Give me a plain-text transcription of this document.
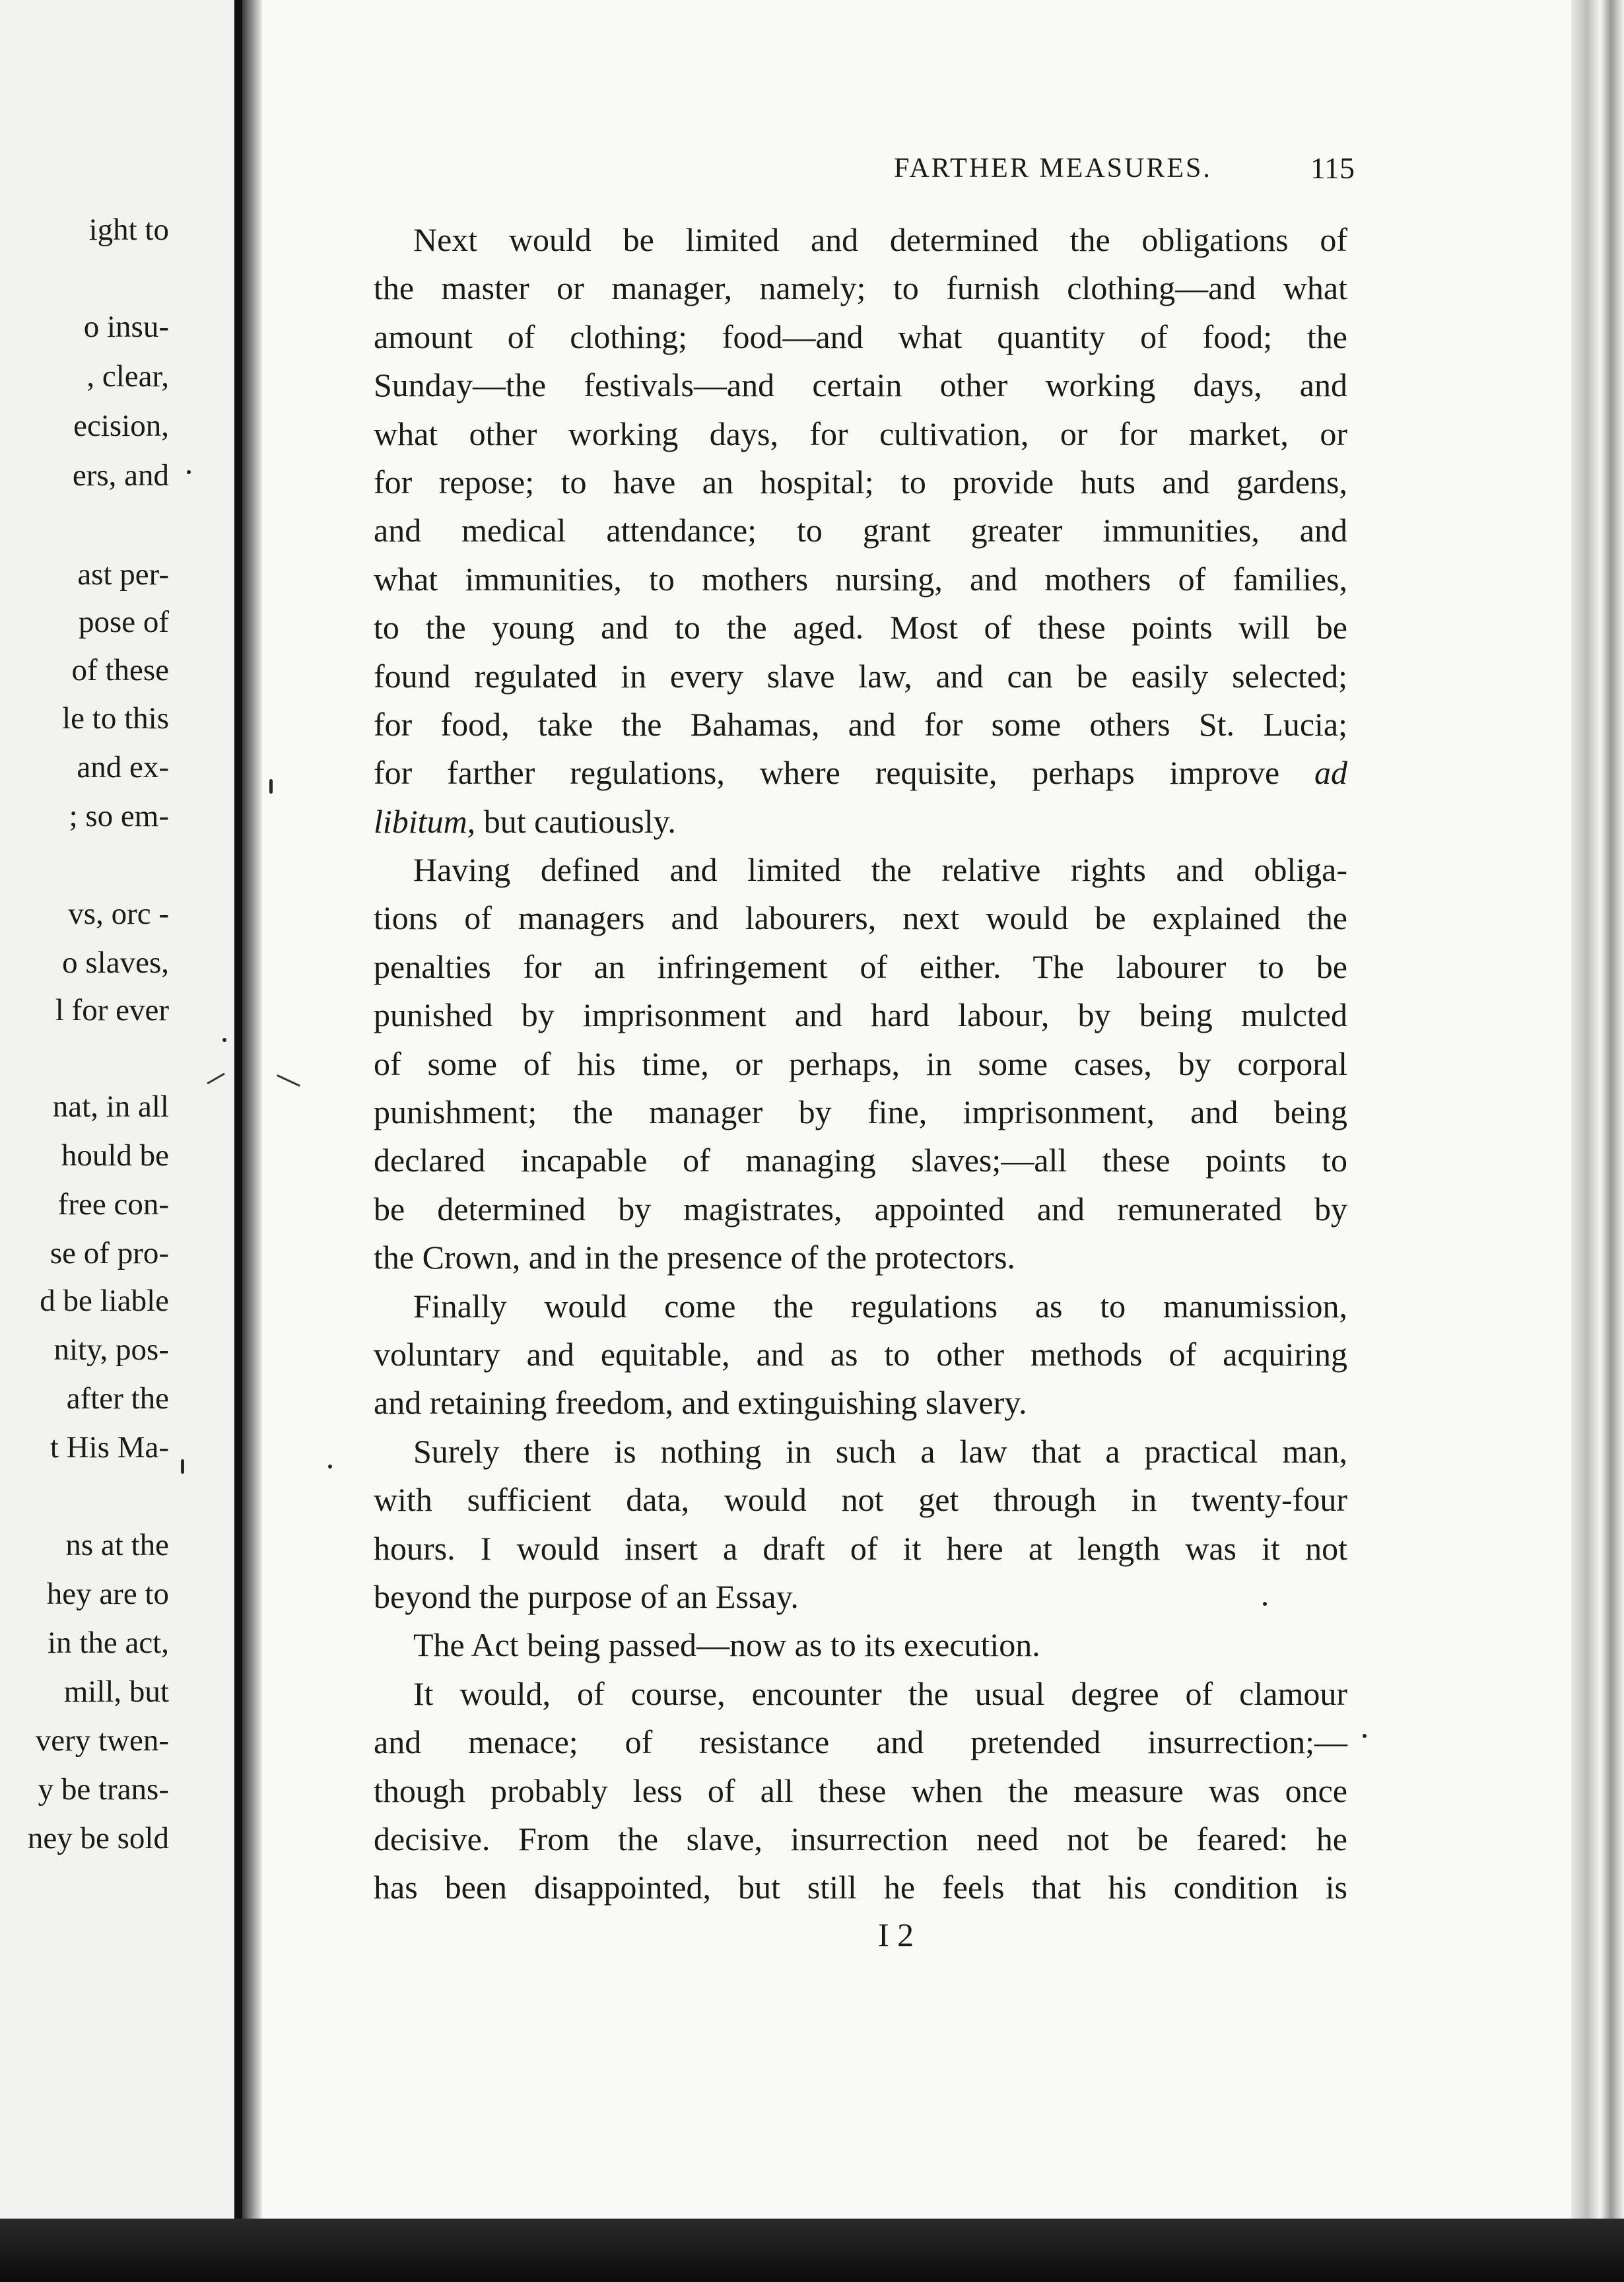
ight to
o insu-
, clear,
ecision,
ers, and
ast per-
pose of
of these
le to this
and ex-
; so em-
vs, orc -
o slaves,
l for ever
nat, in all
hould be
free con-
se of pro-
d be liable
nity, pos-
after the
t His Ma-
ns at the
hey are to
in the act,
mill, but
very twen-
y be trans-
ney be sold
FARTHER MEASURES.	115
Next would be limited and determined the obligations of
the master or manager, namely; to furnish clothing—and what
amount of clothing; food—and what quantity of food; the
Sunday—the festivals—and certain other working days, and
what other working days, for cultivation, or for market, or
for repose; to have an hospital; to provide huts and gardens,
and medical attendance; to grant greater immunities, and
what immunities, to mothers nursing, and mothers of families,
to the young and to the aged. Most of these points will be
found regulated in every slave law, and can be easily selected;
for food, take the Bahamas, and for some others St. Lucia;
for farther regulations, where requisite, perhaps improve ad
libitum, but cautiously.
Having defined and limited the relative rights and obliga-
tions of managers and labourers, next would be explained the
penalties for an infringement of either. The labourer to be
punished by imprisonment and hard labour, by being mulcted
of some of his time, or perhaps, in some cases, by corporal
punishment; the manager by fine, imprisonment, and being
declared incapable of managing slaves;—all these points to
be determined by magistrates, appointed and remunerated by
the Crown, and in the presence of the protectors.
Finally would come the regulations as to manumission,
voluntary and equitable, and as to other methods of acquiring
and retaining freedom, and extinguishing slavery.
Surely there is nothing in such a law that a practical man,
with sufficient data, would not get through in twenty-four
hours. I would insert a draft of it here at length was it not
beyond the purpose of an Essay.
The Act being passed—now as to its execution.
It would, of course, encounter the usual degree of clamour
and menace; of resistance and pretended insurrection;—
though probably less of all these when the measure was once
decisive. From the slave, insurrection need not be feared: he
has been disappointed, but still he feels that his condition is
I 2
